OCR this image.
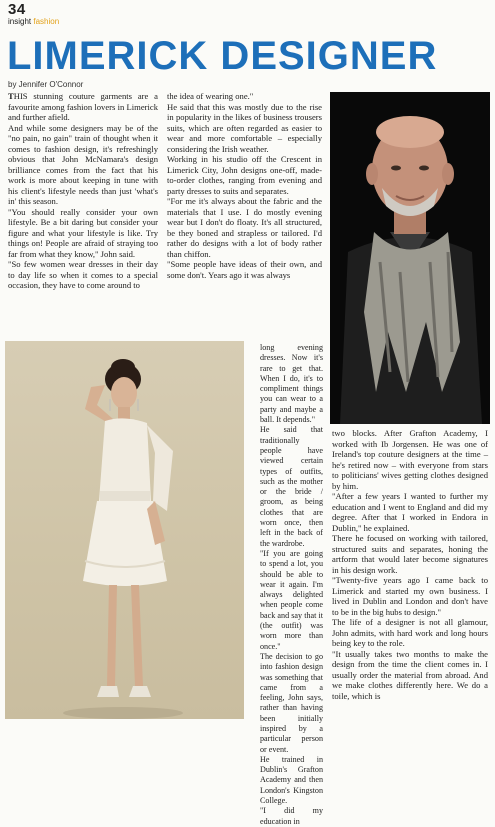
34
insight fashion
LIMERICK DESIGNER
by Jennifer O'Connor

THIS stunning couture garments are a favourite among fashion lovers in Limerick and further afield.

And while some designers may be of the "no pain, no gain" train of thought when it comes to fashion design, it's refreshingly obvious that John McNamara's design brilliance comes from the fact that his work is more about keeping in tune with his client's lifestyle needs than just 'what's in' this season.

"You should really consider your own lifestyle. Be a bit daring but consider your figure and what your lifestyle is like. Try things on! People are afraid of straying too far from what they know," John said.

"So few women wear dresses in their day to day life so when it comes to a special occasion, they have to come around to

the idea of wearing one."

He said that this was mostly due to the rise in popularity in the likes of business trousers suits, which are often regarded as easier to wear and more comfortable – especially considering the Irish weather.

Working in his studio off the Crescent in Limerick City, John designs one-off, made-to-order clothes, ranging from evening and party dresses to suits and separates.

"For me it's always about the fabric and the materials that I use. I do mostly evening wear but I don't do floaty. It's all structured, be they boned and strapless or tailored. I'd rather do designs with a lot of body rather than chiffon.

"Some people have ideas of their own, and some don't. Years ago it was always

long evening dresses. Now it's rare to get that. When I do, it's to compliment things you can wear to a party and maybe a ball. It depends."

He said that traditionally people have viewed certain types of outfits, such as the mother or the bride / groom, as being clothes that are worn once, then left in the back of the wardrobe.

"If you are going to spend a lot, you should be able to wear it again. I'm always delighted when people come back and say that it (the outfit) was worn more than once."

The decision to go into fashion design was something that came from a feeling, John says, rather than having been initially inspired by a particular person or event.

He trained in Dublin's Grafton Academy and then London's Kingston College.

"I did my education in

two blocks. After Grafton Academy, I worked with Ib Jorgensen. He was one of Ireland's top couture designers at the time – he's retired now – with everyone from stars to politicians' wives getting clothes designed by him.

"After a few years I wanted to further my education and I went to England and did my degree. After that I worked in Endora in Dublin," he explained.

There he focused on working with tailored, structured suits and separates, honing the artform that would later become signatures in his design work.

"Twenty-five years ago I came back to Limerick and started my own business. I lived in Dublin and London and don't have to be in the big hubs to design."

The life of a designer is not all glamour, John admits, with hard work and long hours being key to the role.

"It usually takes two months to make the design from the time the client comes in. I usually order the material from abroad. And we make clothes differently here. We do a toile, which is
